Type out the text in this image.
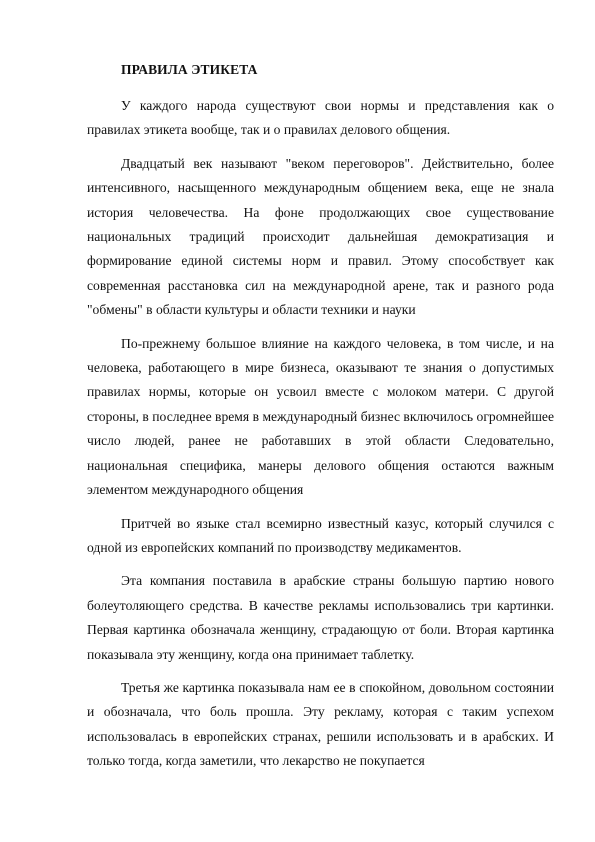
ПРАВИЛА ЭТИКЕТА

У каждого народа существуют свои нормы и представления как о правилах этикета вообще, так и о правилах делового общения.

Двадцатый век называют "веком переговоров". Действительно, более интенсивного, насыщенного международным общением века, еще не знала история человечества. На фоне продолжающих свое существование национальных традиций происходит дальнейшая демократизация и формирование единой системы норм и правил. Этому способствует как современная расстановка сил на международной арене, так и разного рода "обмены" в области культуры и области техники и науки

По-прежнему большое влияние на каждого человека, в том числе, и на человека, работающего в мире бизнеса, оказывают те знания о допустимых правилах нормы, которые он усвоил вместе с молоком матери. С другой стороны, в последнее время в международный бизнес включилось огромнейшее число людей, ранее не работавших в этой области Следовательно, национальная специфика, манеры делового общения остаются важным элементом международного общения

Притчей во языке стал всемирно известный казус, который случился с одной из европейских компаний по производству медикаментов.

Эта компания поставила в арабские страны большую партию нового болеутоляющего средства. В качестве рекламы использовались три картинки. Первая картинка обозначала женщину, страдающую от боли. Вторая картинка показывала эту женщину, когда она принимает таблетку.

Третья же картинка показывала нам ее в спокойном, довольном состоянии и обозначала, что боль прошла. Эту рекламу, которая с таким успехом использовалась в европейских странах, решили использовать и в арабских. И только тогда, когда заметили, что лекарство не покупается
